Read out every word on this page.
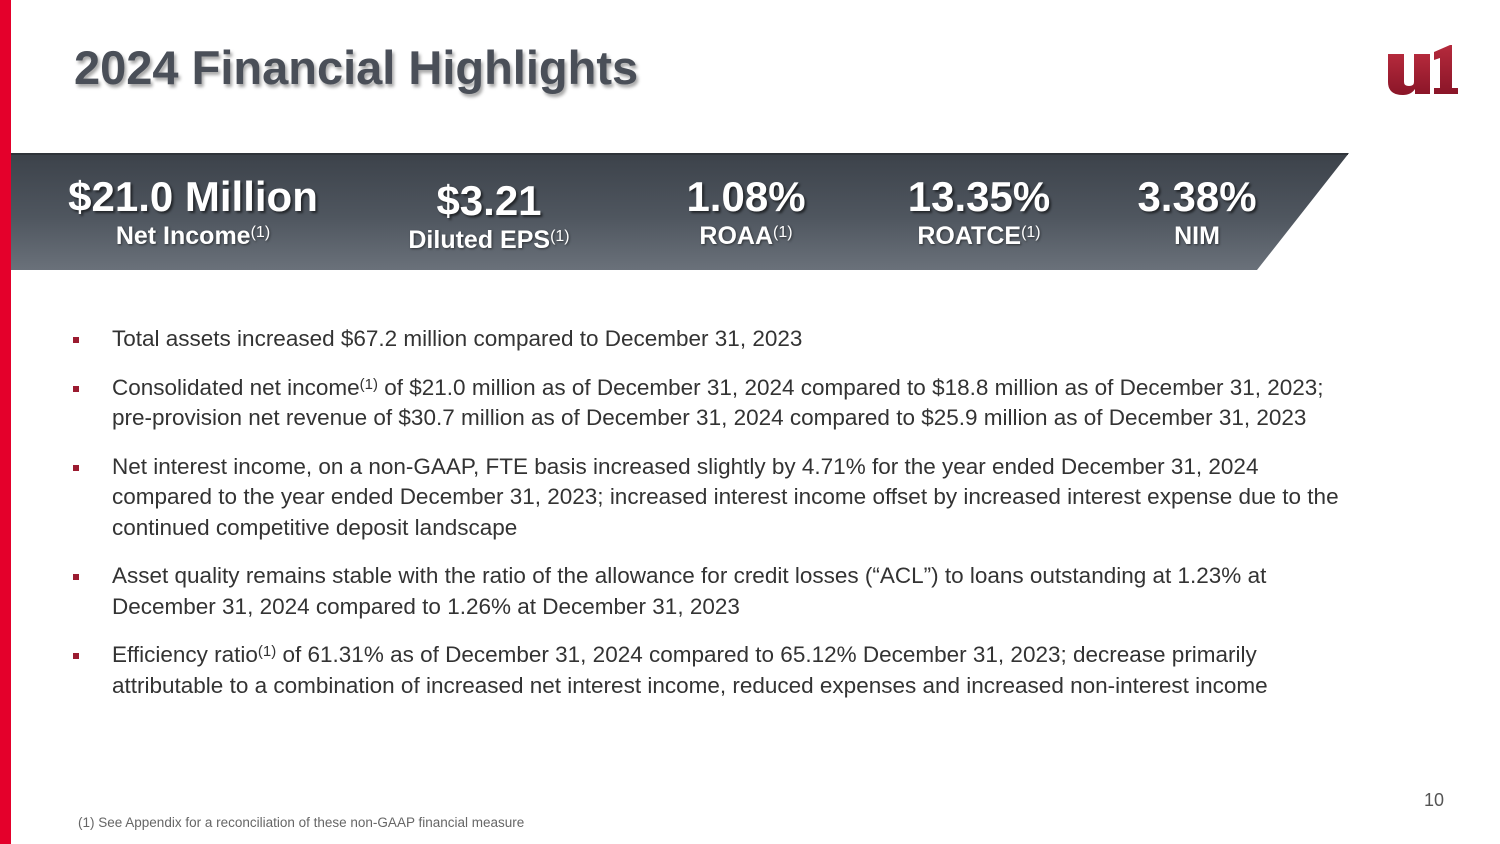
2024 Financial Highlights
$21.0 Million
Net Income$^{(1)}$
$3.21
Diluted EPS$^{(1)}$
1.08%
ROAA$^{(1)}$
13.35%
ROATCE$^{(1)}$
3.38%
NIM
Total assets increased $67.2 million compared to December 31, 2023
Consolidated net income$^{(1)}$ of $21.0 million as of December 31, 2024 compared to $18.8 million as of December 31, 2023; pre-provision net revenue of $30.7 million as of December 31, 2024 compared to $25.9 million as of December 31, 2023
Net interest income, on a non-GAAP, FTE basis increased slightly by 4.71% for the year ended December 31, 2024 compared to the year ended December 31, 2023; increased interest income offset by increased interest expense due to the continued competitive deposit landscape
Asset quality remains stable with the ratio of the allowance for credit losses (“ACL”) to loans outstanding at 1.23% at December 31, 2024 compared to 1.26% at December 31, 2023
Efficiency ratio$^{(1)}$ of 61.31% as of December 31, 2024 compared to 65.12% December 31, 2023; decrease primarily attributable to a combination of increased net interest income, reduced expenses and increased non-interest income
10
(1) See Appendix for a reconciliation of these non-GAAP financial measure
